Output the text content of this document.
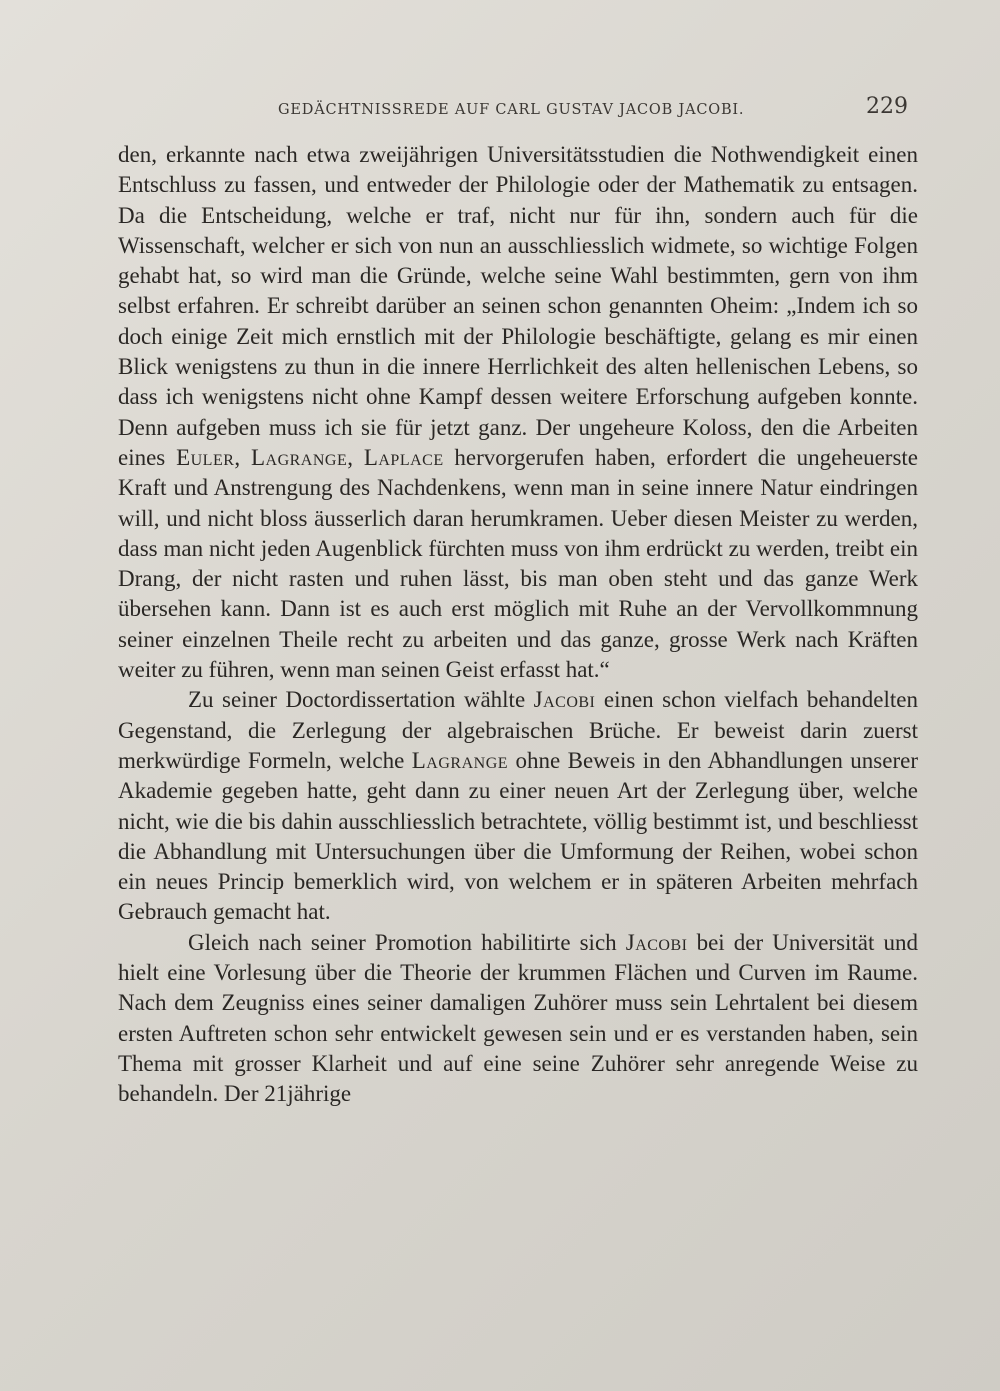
GEDÄCHTNISSREDE AUF CARL GUSTAV JACOB JACOBI.	229

den, erkannte nach etwa zweijährigen Universitätsstudien die Nothwendigkeit einen Entschluss zu fassen, und entweder der Philologie oder der Mathematik zu entsagen. Da die Entscheidung, welche er traf, nicht nur für ihn, sondern auch für die Wissenschaft, welcher er sich von nun an ausschliesslich widmete, so wichtige Folgen gehabt hat, so wird man die Gründe, welche seine Wahl bestimmten, gern von ihm selbst erfahren. Er schreibt darüber an seinen schon genannten Oheim: „Indem ich so doch einige Zeit mich ernstlich mit der Philologie beschäftigte, gelang es mir einen Blick wenigstens zu thun in die innere Herrlichkeit des alten hellenischen Lebens, so dass ich wenigstens nicht ohne Kampf dessen weitere Erforschung aufgeben konnte. Denn aufgeben muss ich sie für jetzt ganz. Der ungeheure Koloss, den die Arbeiten eines Euler, Lagrange, Laplace hervorgerufen haben, erfordert die ungeheuerste Kraft und Anstrengung des Nachdenkens, wenn man in seine innere Natur eindringen will, und nicht bloss äusserlich daran herumkramen. Ueber diesen Meister zu werden, dass man nicht jeden Augenblick fürchten muss von ihm erdrückt zu werden, treibt ein Drang, der nicht rasten und ruhen lässt, bis man oben steht und das ganze Werk übersehen kann. Dann ist es auch erst möglich mit Ruhe an der Vervollkommnung seiner einzelnen Theile recht zu arbeiten und das ganze, grosse Werk nach Kräften weiter zu führen, wenn man seinen Geist erfasst hat.“

Zu seiner Doctordissertation wählte Jacobi einen schon vielfach behandelten Gegenstand, die Zerlegung der algebraischen Brüche. Er beweist darin zuerst merkwürdige Formeln, welche Lagrange ohne Beweis in den Abhandlungen unserer Akademie gegeben hatte, geht dann zu einer neuen Art der Zerlegung über, welche nicht, wie die bis dahin ausschliesslich betrachtete, völlig bestimmt ist, und beschliesst die Abhandlung mit Untersuchungen über die Umformung der Reihen, wobei schon ein neues Princip bemerklich wird, von welchem er in späteren Arbeiten mehrfach Gebrauch gemacht hat.

Gleich nach seiner Promotion habilitirte sich Jacobi bei der Universität und hielt eine Vorlesung über die Theorie der krummen Flächen und Curven im Raume. Nach dem Zeugniss eines seiner damaligen Zuhörer muss sein Lehrtalent bei diesem ersten Auftreten schon sehr entwickelt gewesen sein und er es verstanden haben, sein Thema mit grosser Klarheit und auf eine seine Zuhörer sehr anregende Weise zu behandeln. Der 21jährige
